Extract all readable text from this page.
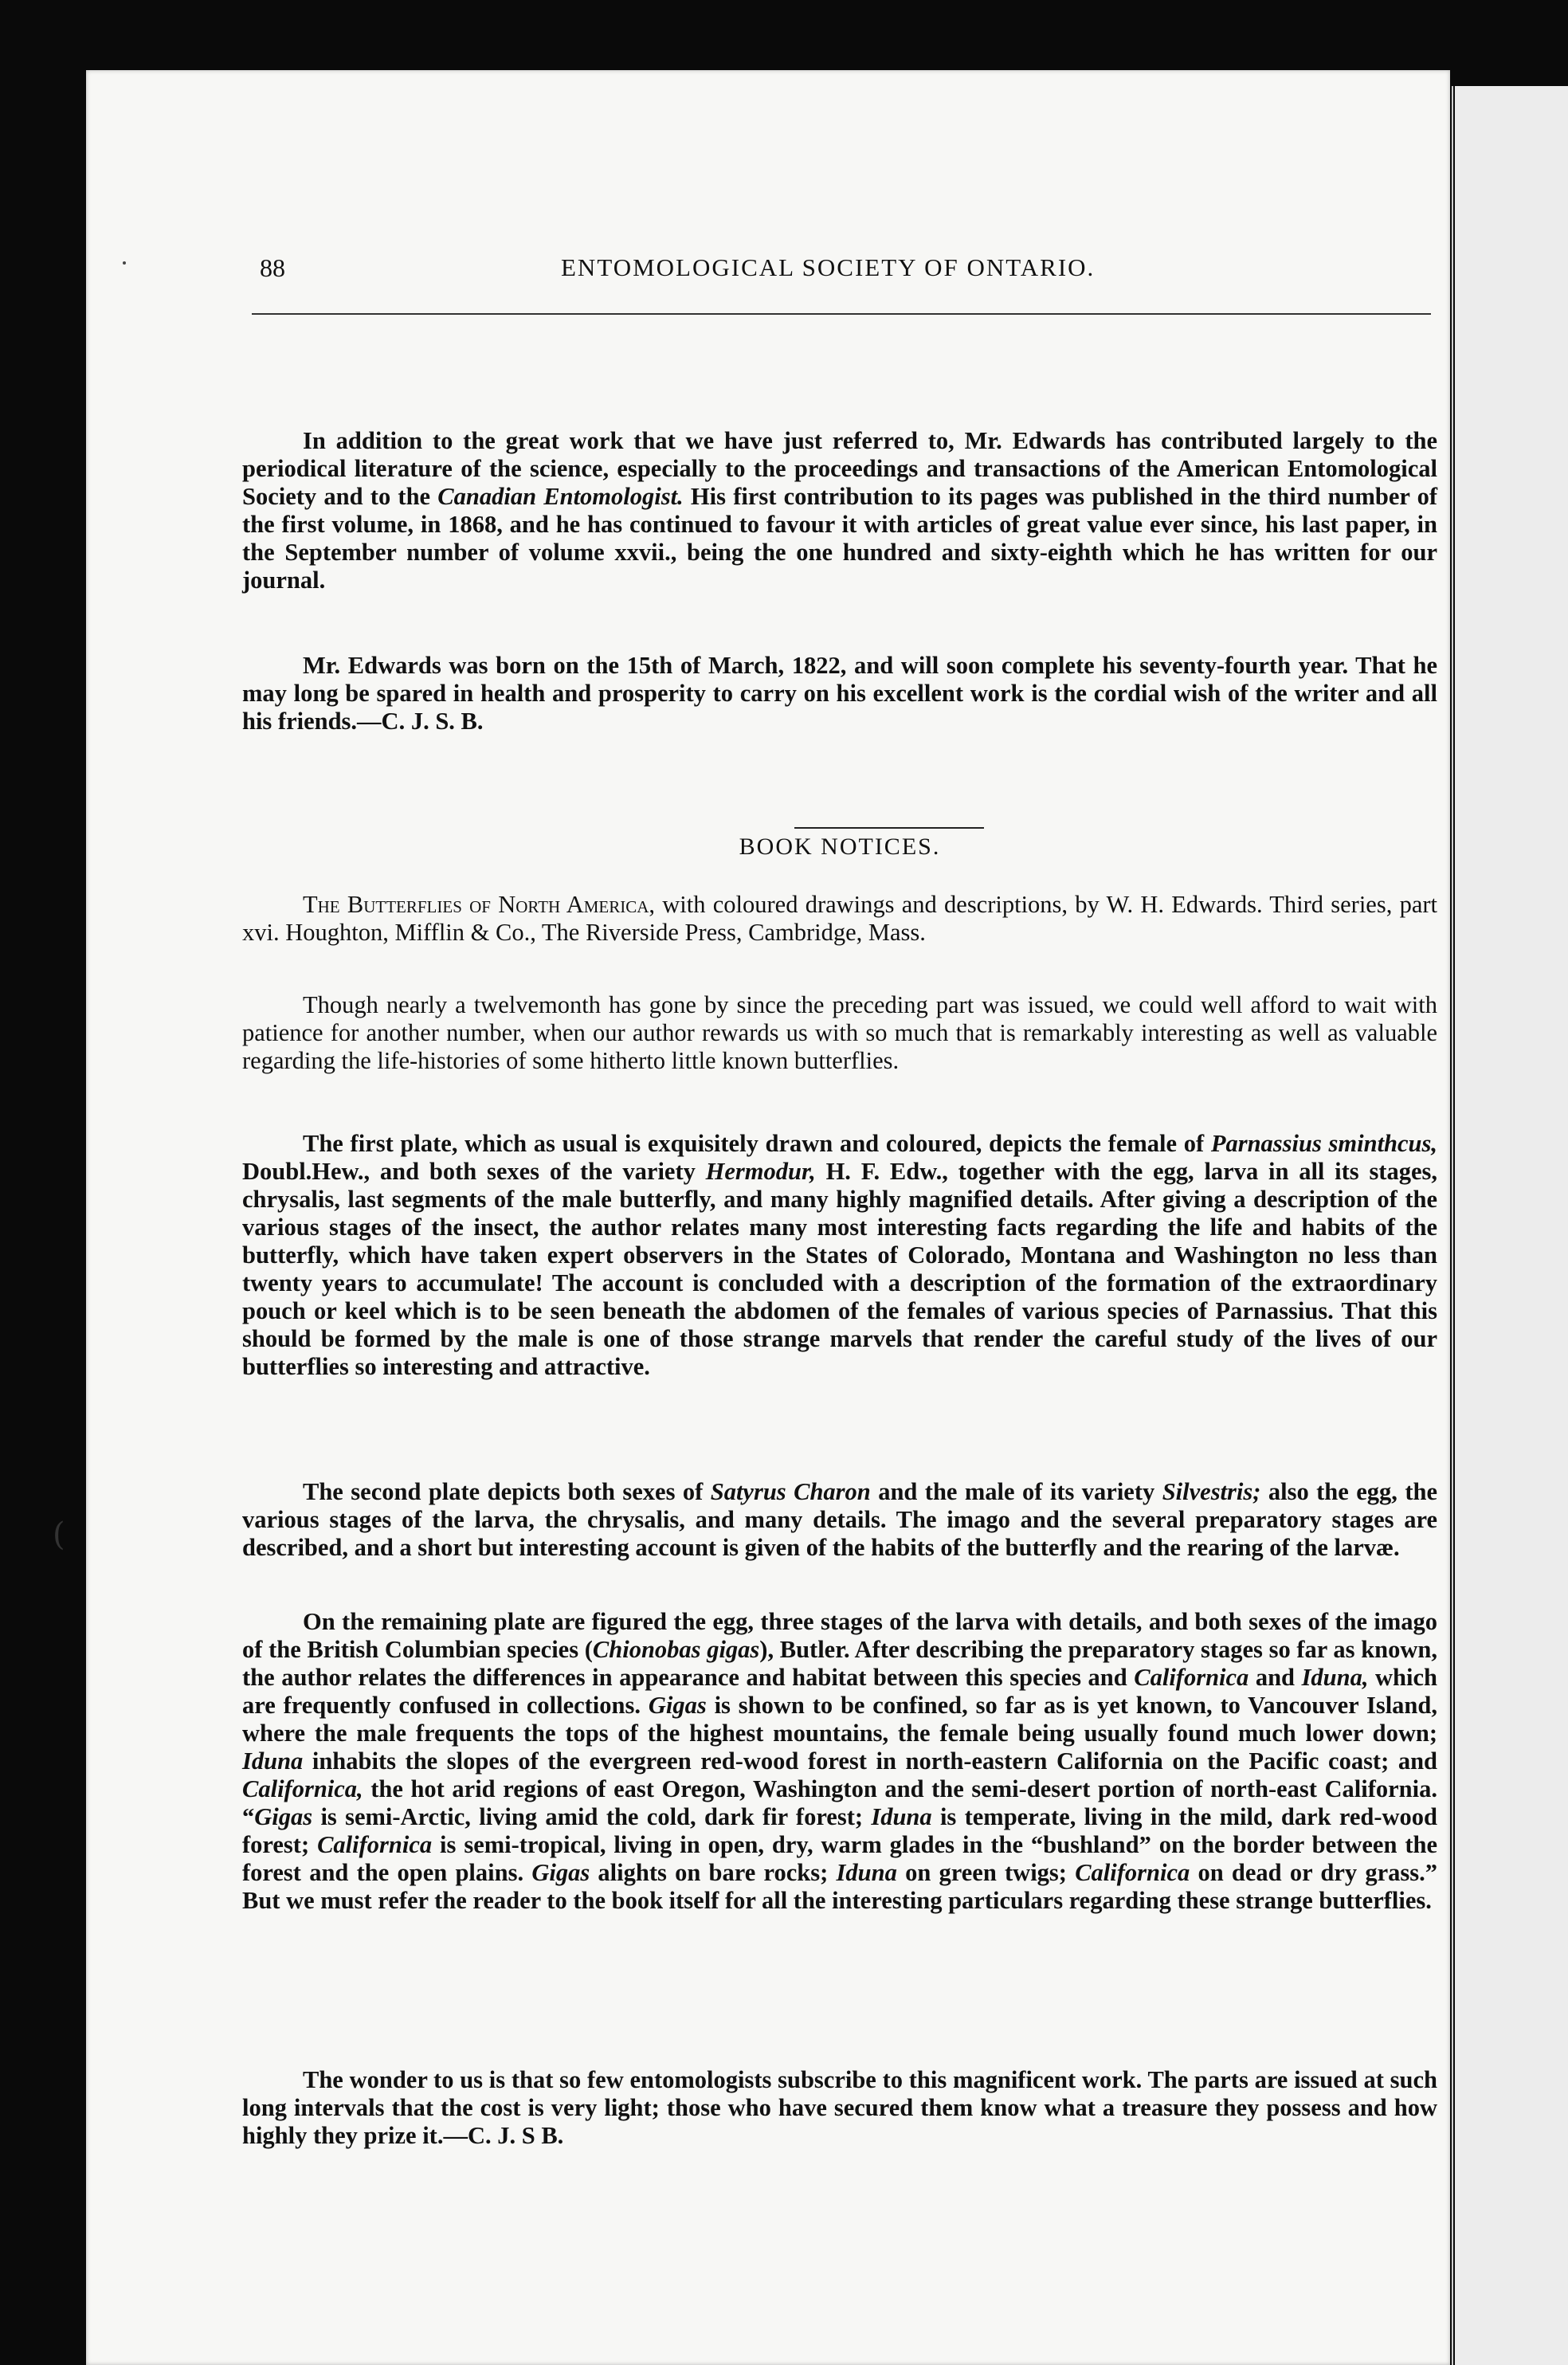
88	ENTOMOLOGICAL SOCIETY OF ONTARIO.

In addition to the great work that we have just referred to, Mr. Edwards has contributed largely to the periodical literature of the science, especially to the proceedings and transactions of the American Entomological Society and to the Canadian Entomologist. His first contribution to its pages was published in the third number of the first volume, in 1868, and he has continued to favour it with articles of great value ever since, his last paper, in the September number of volume xxvii., being the one hundred and sixty-eighth which he has written for our journal.

Mr. Edwards was born on the 15th of March, 1822, and will soon complete his seventy-fourth year. That he may long be spared in health and prosperity to carry on his excellent work is the cordial wish of the writer and all his friends.—C. J. S. B.

BOOK NOTICES.

The Butterflies of North America, with coloured drawings and descriptions, by W. H. Edwards. Third series, part xvi. Houghton, Mifflin & Co., The Riverside Press, Cambridge, Mass.

Though nearly a twelvemonth has gone by since the preceding part was issued, we could well afford to wait with patience for another number, when our author rewards us with so much that is remarkably interesting as well as valuable regarding the life-histories of some hitherto little known butterflies.

The first plate, which as usual is exquisitely drawn and coloured, depicts the female of Parnassius sminthcus, Doubl.Hew., and both sexes of the variety Hermodur, H. F. Edw., together with the egg, larva in all its stages, chrysalis, last segments of the male butterfly, and many highly magnified details. After giving a description of the various stages of the insect, the author relates many most interesting facts regarding the life and habits of the butterfly, which have taken expert observers in the States of Colorado, Montana and Washington no less than twenty years to accumulate! The account is concluded with a description of the formation of the extraordinary pouch or keel which is to be seen beneath the abdomen of the females of various species of Parnassius. That this should be formed by the male is one of those strange marvels that render the careful study of the lives of our butterflies so interesting and attractive.

The second plate depicts both sexes of Satyrus Charon and the male of its variety Silvestris; also the egg, the various stages of the larva, the chrysalis, and many details. The imago and the several preparatory stages are described, and a short but interesting account is given of the habits of the butterfly and the rearing of the larvæ.

On the remaining plate are figured the egg, three stages of the larva with details, and both sexes of the imago of the British Columbian species (Chionobas gigas), Butler. After describing the preparatory stages so far as known, the author relates the differences in appearance and habitat between this species and Californica and Iduna, which are frequently confused in collections. Gigas is shown to be confined, so far as is yet known, to Vancouver Island, where the male frequents the tops of the highest mountains, the female being usually found much lower down; Iduna inhabits the slopes of the evergreen red-wood forest in north-eastern California on the Pacific coast; and Californica, the hot arid regions of east Oregon, Washington and the semi-desert portion of north-east California. “Gigas is semi-Arctic, living amid the cold, dark fir forest; Iduna is temperate, living in the mild, dark red-wood forest; Californica is semi-tropical, living in open, dry, warm glades in the “bushland” on the border between the forest and the open plains. Gigas alights on bare rocks; Iduna on green twigs; Californica on dead or dry grass.” But we must refer the reader to the book itself for all the interesting particulars regarding these strange butterflies.

The wonder to us is that so few entomologists subscribe to this magnificent work. The parts are issued at such long intervals that the cost is very light; those who have secured them know what a treasure they possess and how highly they prize it.—C. J. S B.

(
